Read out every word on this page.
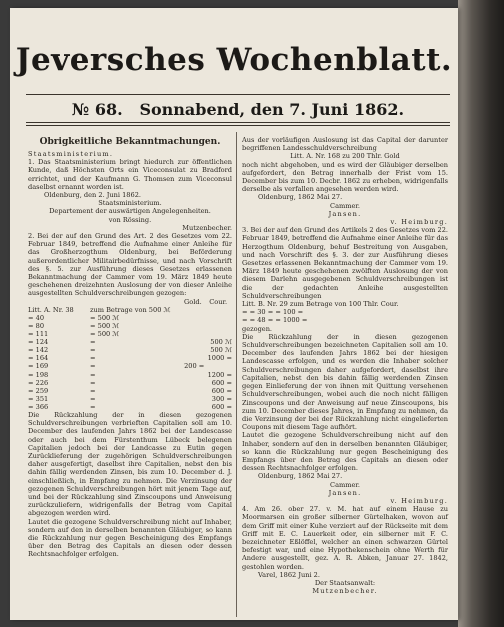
Jeversches Wochenblatt.
№ 68. Sonnabend, den 7. Juni 1862.

Obrigkeitliche Bekanntmachungen.

Staatsministerium.

1. Das Staatsministerium bringt hiedurch zur öffentlichen Kunde, daß Höchsten Orts ein Viceconsulat zu Bradford errichtet, und der Kaufmann G. Thomsen zum Viceconsul daselbst ernannt worden ist.

Oldenburg, den 2. Juni 1862.

Staatsministerium.

Departement der auswärtigen Angelegenheiten.

von Rössing.

Mutzenbecher.

2. Bei der auf den Grund des Art. 2 des Gesetzes vom 22. Februar 1849, betreffend die Aufnahme einer Anleihe für das Großherzogthum Oldenburg, bei Beförderung außerordentlicher Militairbedürfnisse, und nach Vorschrift des §. 5. zur Ausführung dieses Gesetzes erlassenen Bekanntmachung der Cammer vom 19. März 1849 heute geschehenen dreizehnten Auslosung der von dieser Anleihe ausgestellten Schuldverschreibungen gezogen:

		Gold.	Cour.
Litt. A. Nr. 38	zum Betrage von 500 ℳ		
= 40	= 500 ℳ		
= 80	= 500 ℳ		
= 111	= 500 ℳ		
= 124	=		500 ℳ
= 142	=		500 ℳ
= 164	=		1000 =
= 169	=	200 =	
= 198	=		1200 =
= 226	=		600 =
= 259	=		600 =
= 351	=		300 =
= 366	=		600 =

Die Rückzahlung der in diesen gezogenen Schuldverschreibungen verbrieften Capitalien soll am 10. December des laufenden Jahrs 1862 bei der Landescasse oder auch bei dem Fürstenthum Lübeck belegenen Capitalien jedoch bei der Landcasse zu Eutin gegen Zurücklieferung der zugehörigen Schuldverschreibungen daher ausgefertigt, daselbst ihre Capitalien, nebst den bis dahin fällig werdenden Zinsen, bis zum 10. December d. J. einschließlich, in Empfang zu nehmen. Die Verzinsung der gezogenen Schuldverschreibungen hört mit jenem Tage auf, und bei der Rückzahlung sind Zinscoupons und Anweisung zurückzuliefern, widrigenfalls der Betrag vom Capital abgezogen werden wird.

Lautet die gezogene Schuldverschreibung nicht auf Inhaber, sondern auf den in derselben benannten Gläubiger, so kann die Rückzahlung nur gegen Bescheinigung des Empfangs über den Betrag des Capitals an diesen oder dessen Rechtsnachfolger erfolgen.

Aus der vorläufigen Auslosung ist das Capital der darunter begriffenen Landesschuldverschreibung

Litt. A. Nr. 168 zu 200 Thlr. Gold

noch nicht abgehoben, und es wird der Gläubiger derselben aufgefordert, den Betrag innerhalb der Frist vom 15. December bis zum 10. Decbr. 1862 zu erheben, widrigenfalls derselbe als verfallen angesehen werden wird.

Oldenburg, 1862 Mai 27.

Cammer.

Jansen.

v. Heimburg.

3. Bei der auf den Grund des Artikels 2 des Gesetzes vom 22. Februar 1849, betreffend die Aufnahme einer Anleihe für das Herzogthum Oldenburg, behuf Bestreitung von Ausgaben, und nach Vorschrift des §. 3. der zur Ausführung dieses Gesetzes erlassenen Bekanntmachung der Cammer vom 19. März 1849 heute geschehenen zwölften Auslosung der von diesem Darlehn ausgegebenen Schuldverschreibungen ist die der gedachten Anleihe ausgestellten Schuldverschreibungen

Litt. B. Nr. 29 zum Betrage von 100 Thlr. Cour.

= = 30 = = 100 =

= = 48 = = 1000 =

gezogen.

Die Rückzahlung der in diesen gezogenen Schuldverschreibungen bezeichneten Capitalien soll am 10. December des laufenden Jahrs 1862 bei der hiesigen Landescasse erfolgen, und es werden die Inhaber solcher Schuldverschreibungen daher aufgefordert, daselbst ihre Capitalien, nebst den bis dahin fällig werdenden Zinsen gegen Einlieferung der von ihnen mit Quittung versehenen Schuldverschreibungen, wobei auch die noch nicht fälligen Zinscoupons und der Anweisung auf neue Zinscoupons, bis zum 10. December dieses Jahres, in Empfang zu nehmen, da die Verzinsung der bei der Rückzahlung nicht eingelieferten Coupons mit diesem Tage aufhört.

Lautet die gezogene Schuldverschreibung nicht auf den Inhaber, sondern auf den in derselben benannten Gläubiger, so kann die Rückzahlung nur gegen Bescheinigung des Empfangs über den Betrag des Capitals an diesen oder dessen Rechtsnachfolger erfolgen.

Oldenburg, 1862 Mai 27.

Cammer.

Jansen.

v. Heimburg.

4. Am 26. ober 27. v. M. hat auf einem Hause zu Moormarsen ein großer silberner Gürtelhaken, wovon auf dem Griff mit einer Kuhe verziert auf der Rückseite mit dem Griff mit E. C. Lauerkeit oder, ein silberner mit F. C. bezeichneter Eßlöffel, welcher an einen schwarzen Gürtel befestigt war, und eine Hypothekenschein ohne Werth für Andere ausgestellt, gez. A. R. Abken, Januar 27. 1842, gestohlen worden.

Varel, 1862 Juni 2.

Der Staatsanwalt:

Mutzenbecher.
